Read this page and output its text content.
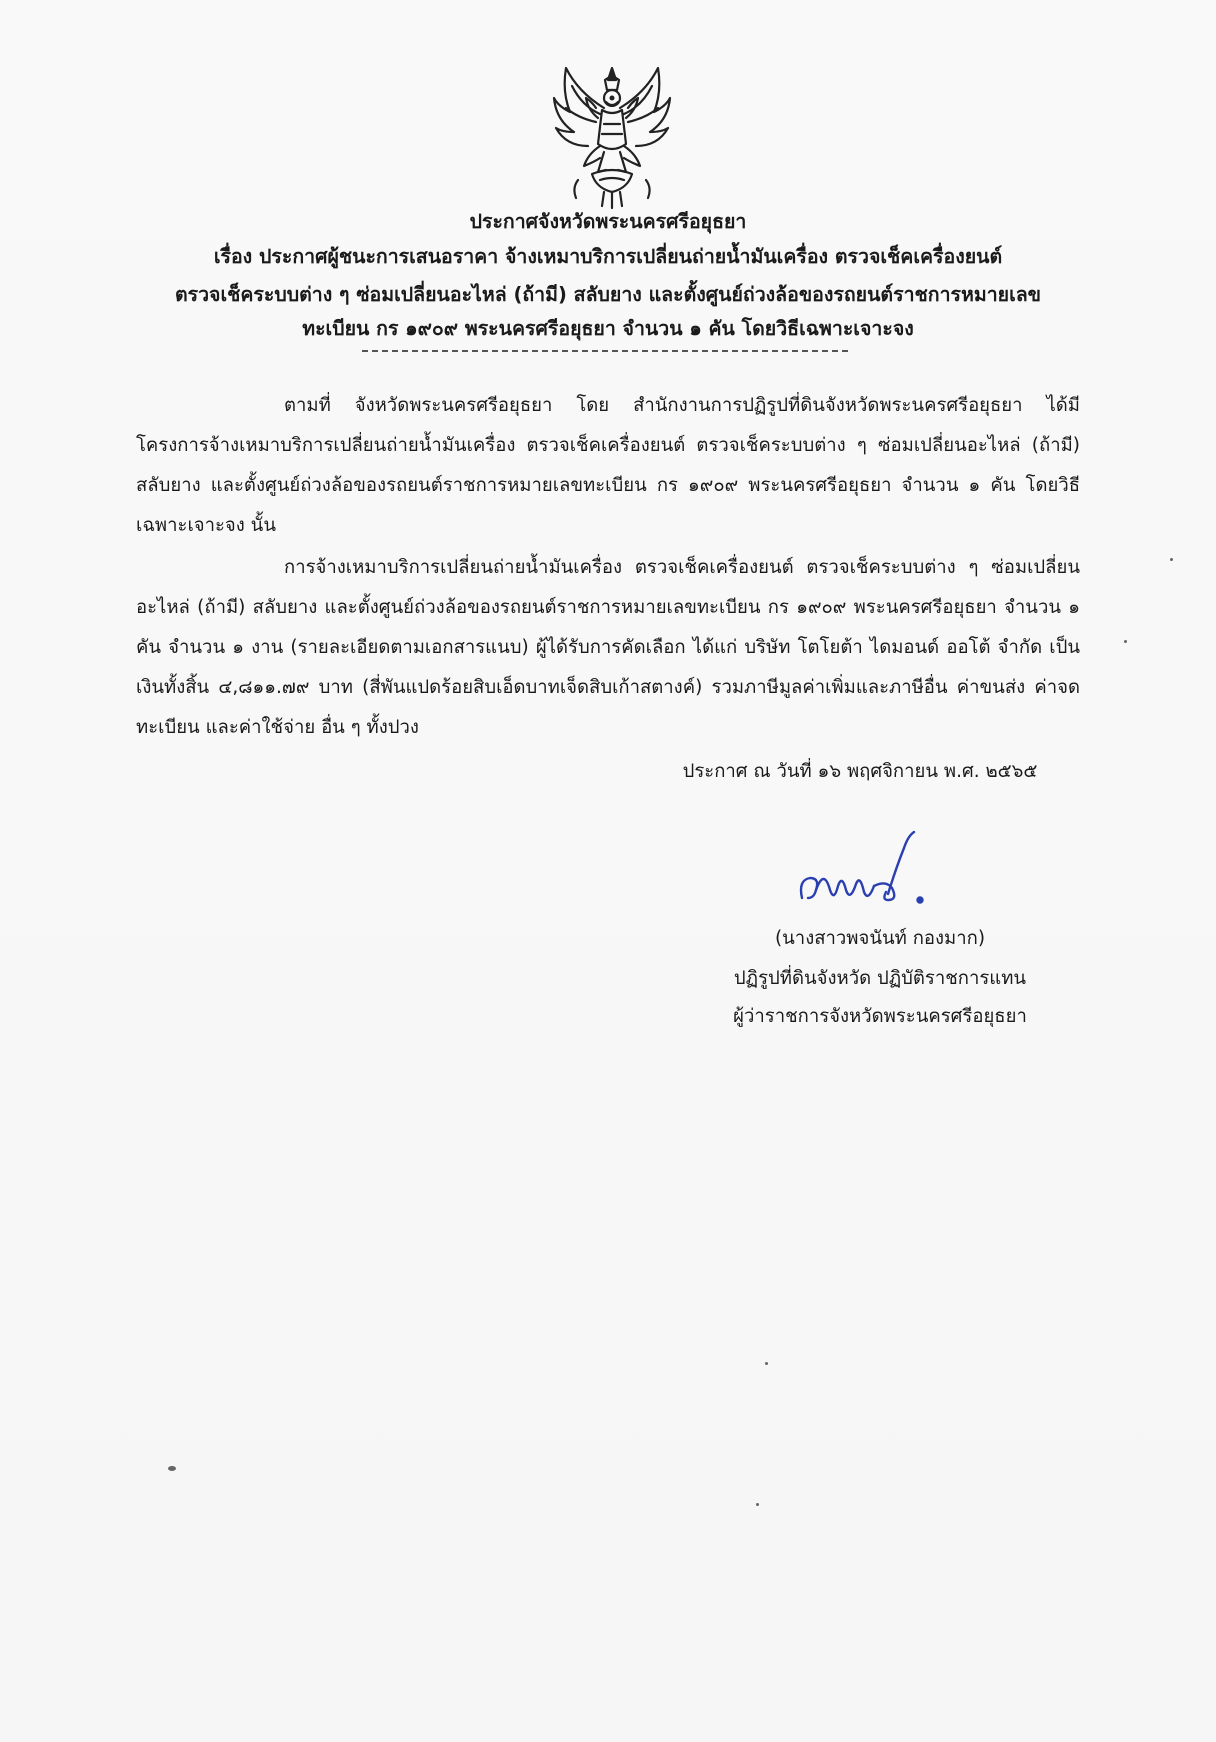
ประกาศจังหวัดพระนครศรีอยุธยา
เรื่อง ประกาศผู้ชนะการเสนอราคา จ้างเหมาบริการเปลี่ยนถ่ายน้ำมันเครื่อง ตรวจเช็คเครื่องยนต์
ตรวจเช็คระบบต่าง ๆ ซ่อมเปลี่ยนอะไหล่ (ถ้ามี) สลับยาง และตั้งศูนย์ถ่วงล้อของรถยนต์ราชการหมายเลข
ทะเบียน กร ๑๙๐๙ พระนครศรีอยุธยา จำนวน ๑ คัน โดยวิธีเฉพาะเจาะจง

ตามที่ จังหวัดพระนครศรีอยุธยา โดย สำนักงานการปฏิรูปที่ดินจังหวัดพระนครศรีอยุธยา ได้มี โครงการจ้างเหมาบริการเปลี่ยนถ่ายน้ำมันเครื่อง ตรวจเช็คเครื่องยนต์ ตรวจเช็คระบบต่าง ๆ ซ่อมเปลี่ยนอะไหล่ (ถ้ามี) สลับยาง และตั้งศูนย์ถ่วงล้อของรถยนต์ราชการหมายเลขทะเบียน กร ๑๙๐๙ พระนครศรีอยุธยา จำนวน ๑ คัน โดยวิธีเฉพาะเจาะจง นั้น

การจ้างเหมาบริการเปลี่ยนถ่ายน้ำมันเครื่อง ตรวจเช็คเครื่องยนต์ ตรวจเช็คระบบต่าง ๆ ซ่อมเปลี่ยนอะไหล่ (ถ้ามี) สลับยาง และตั้งศูนย์ถ่วงล้อของรถยนต์ราชการหมายเลขทะเบียน กร ๑๙๐๙ พระนครศรีอยุธยา จำนวน ๑ คัน จำนวน ๑ งาน (รายละเอียดตามเอกสารแนบ) ผู้ได้รับการคัดเลือก ได้แก่ บริษัท โตโยต้า ไดมอนด์ ออโต้ จำกัด เป็นเงินทั้งสิ้น ๔,๘๑๑.๗๙ บาท (สี่พันแปดร้อยสิบเอ็ดบาทเจ็ดสิบเก้าสตางค์) รวมภาษีมูลค่าเพิ่มและภาษีอื่น ค่าขนส่ง ค่าจดทะเบียน และค่าใช้จ่าย อื่น ๆ ทั้งปวง

ประกาศ ณ วันที่ ๑๖ พฤศจิกายน พ.ศ. ๒๕๖๕
(นางสาวพจนันท์ กองมาก)
ปฏิรูปที่ดินจังหวัด ปฏิบัติราชการแทน
ผู้ว่าราชการจังหวัดพระนครศรีอยุธยา
